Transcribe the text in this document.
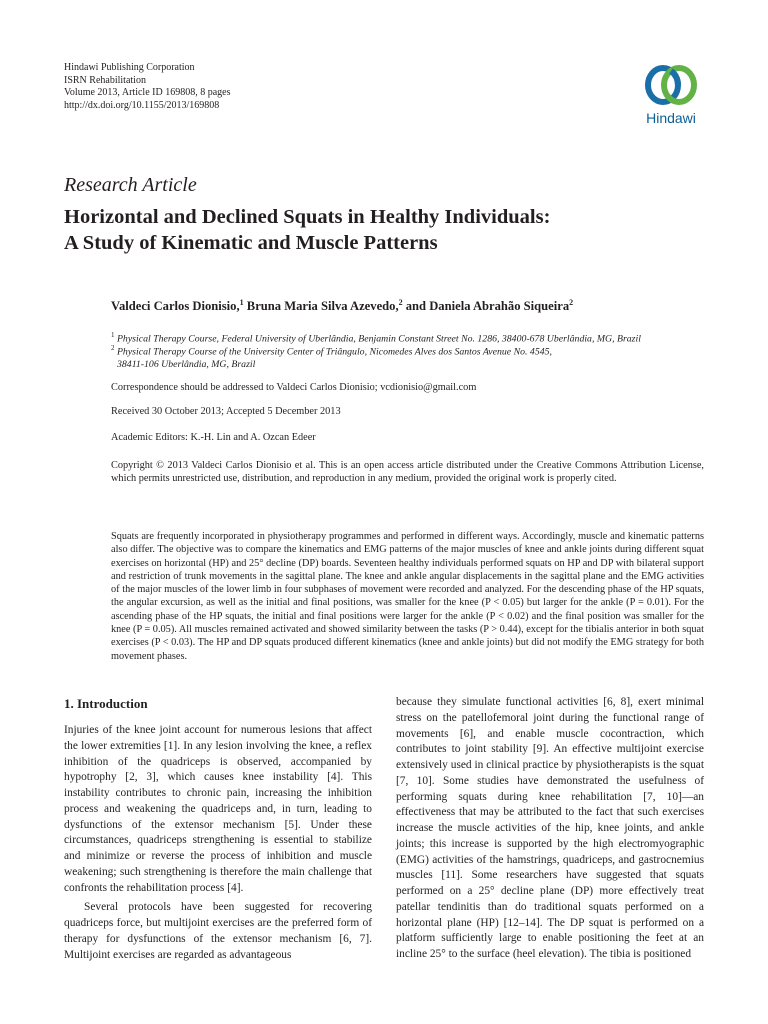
Hindawi Publishing Corporation
ISRN Rehabilitation
Volume 2013, Article ID 169808, 8 pages
http://dx.doi.org/10.1155/2013/169808
Hindawi
Research Article
Horizontal and Declined Squats in Healthy Individuals:
A Study of Kinematic and Muscle Patterns
Valdeci Carlos Dionisio,$^1$ Bruna Maria Silva Azevedo,$^2$ and Daniela Abrahão Siqueira$^2$
$^1$ Physical Therapy Course, Federal University of Uberlândia, Benjamin Constant Street No. 1286, 38400-678 Uberlândia, MG, Brazil
$^2$ Physical Therapy Course of the University Center of Triângulo, Nicomedes Alves dos Santos Avenue No. 4545,
38411-106 Uberlândia, MG, Brazil
Correspondence should be addressed to Valdeci Carlos Dionisio; vcdionisio@gmail.com
Received 30 October 2013; Accepted 5 December 2013
Academic Editors: K.-H. Lin and A. Ozcan Edeer
Copyright © 2013 Valdeci Carlos Dionisio et al. This is an open access article distributed under the Creative Commons Attribution License, which permits unrestricted use, distribution, and reproduction in any medium, provided the original work is properly cited.
Squats are frequently incorporated in physiotherapy programmes and performed in different ways. Accordingly, muscle and kinematic patterns also differ. The objective was to compare the kinematics and EMG patterns of the major muscles of knee and ankle joints during different squat exercises on horizontal (HP) and 25° decline (DP) boards. Seventeen healthy individuals performed squats on HP and DP with bilateral support and restriction of trunk movements in the sagittal plane. The knee and ankle angular displacements in the sagittal plane and the EMG activities of the major muscles of the lower limb in four subphases of movement were recorded and analyzed. For the descending phase of the HP squats, the angular excursion, as well as the initial and final positions, was smaller for the knee (P < 0.05) but larger for the ankle (P = 0.01). For the ascending phase of the HP squats, the initial and final positions were larger for the ankle (P < 0.02) and the final position was smaller for the knee (P = 0.05). All muscles remained activated and showed similarity between the tasks (P > 0.44), except for the tibialis anterior in both squat exercises (P < 0.03). The HP and DP squats produced different kinematics (knee and ankle joints) but did not modify the EMG strategy for both movement phases.
1. Introduction

Injuries of the knee joint account for numerous lesions that affect the lower extremities [1]. In any lesion involving the knee, a reflex inhibition of the quadriceps is observed, accompanied by hypotrophy [2, 3], which causes knee instability [4]. This instability contributes to chronic pain, increasing the inhibition process and weakening the quadriceps and, in turn, leading to dysfunctions of the extensor mechanism [5]. Under these circumstances, quadriceps strengthening is essential to stabilize and minimize or reverse the process of inhibition and muscle weakening; such strengthening is therefore the main challenge that confronts the rehabilitation process [4].

Several protocols have been suggested for recovering quadriceps force, but multijoint exercises are the preferred form of therapy for dysfunctions of the extensor mechanism [6, 7]. Multijoint exercises are regarded as advantageous

because they simulate functional activities [6, 8], exert minimal stress on the patellofemoral joint during the functional range of movements [6], and enable muscle cocontraction, which contributes to joint stability [9]. An effective multijoint exercise extensively used in clinical practice by physiotherapists is the squat [7, 10]. Some studies have demonstrated the usefulness of performing squats during knee rehabilitation [7, 10]—an effectiveness that may be attributed to the fact that such exercises increase the muscle activities of the hip, knee joints, and ankle joints; this increase is supported by the high electromyographic (EMG) activities of the hamstrings, quadriceps, and gastrocnemius muscles [11]. Some researchers have suggested that squats performed on a 25° decline plane (DP) more effectively treat patellar tendinitis than do traditional squats performed on a horizontal plane (HP) [12–14]. The DP squat is performed on a platform sufficiently large to enable positioning the feet at an incline 25° to the surface (heel elevation). The tibia is positioned
